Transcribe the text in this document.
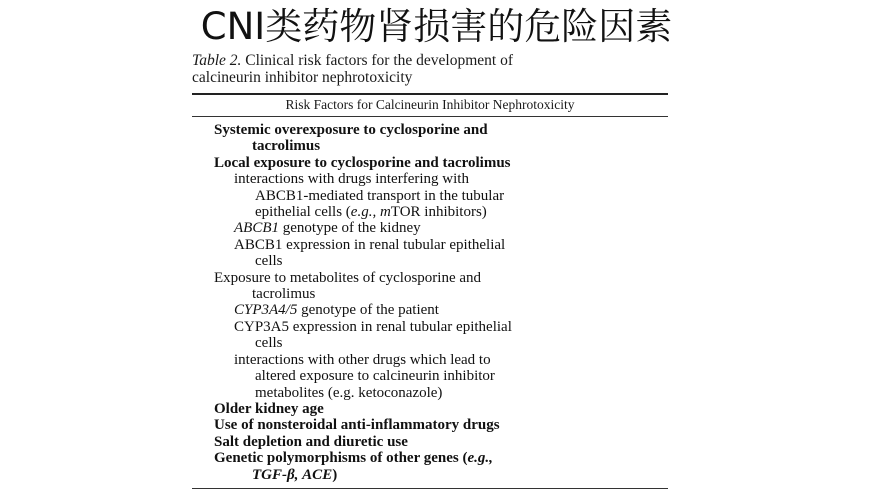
CNI类药物肾损害的危险因素
Table 2. Clinical risk factors for the development of
calcineurin inhibitor nephrotoxicity
Risk Factors for Calcineurin Inhibitor Nephrotoxicity
Systemic overexposure to cyclosporine and
tacrolimus
Local exposure to cyclosporine and tacrolimus
interactions with drugs interfering with
ABCB1-mediated transport in the tubular
epithelial cells (e.g., mTOR inhibitors)
ABCB1 genotype of the kidney
ABCB1 expression in renal tubular epithelial
cells
Exposure to metabolites of cyclosporine and
tacrolimus
CYP3A4/5 genotype of the patient
CYP3A5 expression in renal tubular epithelial
cells
interactions with other drugs which lead to
altered exposure to calcineurin inhibitor
metabolites (e.g. ketoconazole)
Older kidney age
Use of nonsteroidal anti-inflammatory drugs
Salt depletion and diuretic use
Genetic polymorphisms of other genes (e.g.,
TGF-β, ACE)
